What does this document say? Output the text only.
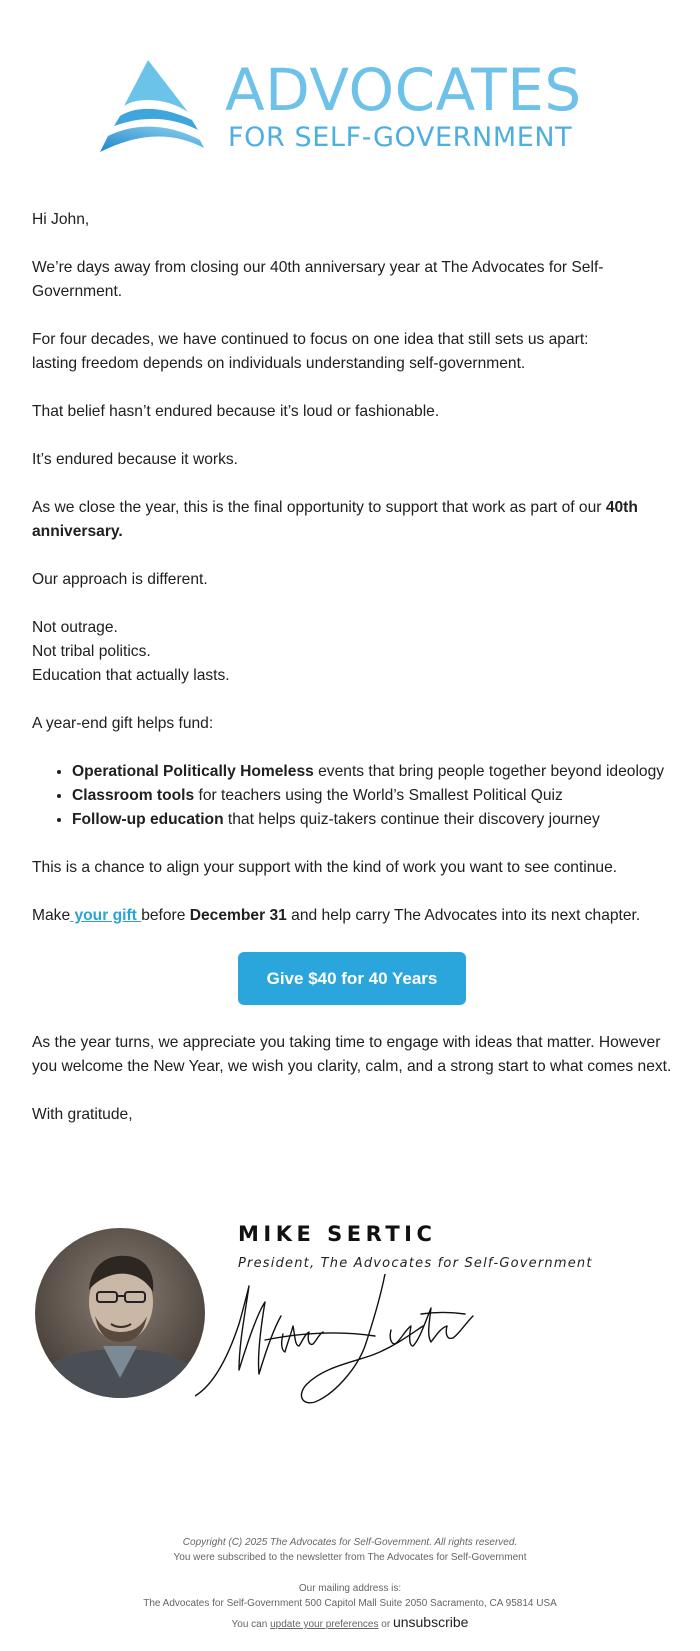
ADVOCATES
FOR SELF-GOVERNMENT

Hi John,

We’re days away from closing our 40th anniversary year at The Advocates for Self-Government.

For four decades, we have continued to focus on one idea that still sets us apart:
lasting freedom depends on individuals understanding self-government.

That belief hasn’t endured because it’s loud or fashionable.

It’s endured because it works.

As we close the year, this is the final opportunity to support that work as part of our 40th anniversary.

Our approach is different.

Not outrage.
Not tribal politics.
Education that actually lasts.

A year-end gift helps fund:

• Operational Politically Homeless events that bring people together beyond ideology
• Classroom tools for teachers using the World’s Smallest Political Quiz
• Follow-up education that helps quiz-takers continue their discovery journey

This is a chance to align your support with the kind of work you want to see continue.

Make your gift before December 31 and help carry The Advocates into its next chapter.

Give $40 for 40 Years

As the year turns, we appreciate you taking time to engage with ideas that matter. However you welcome the New Year, we wish you clarity, calm, and a strong start to what comes next.

With gratitude,

MIKE SERTIC
President, The Advocates for Self-Government
Copyright (C) 2025 The Advocates for Self-Government. All rights reserved.
You were subscribed to the newsletter from The Advocates for Self-Government
Our mailing address is:
The Advocates for Self-Government 500 Capitol Mall Suite 2050 Sacramento, CA 95814 USA
You can update your preferences or unsubscribe
